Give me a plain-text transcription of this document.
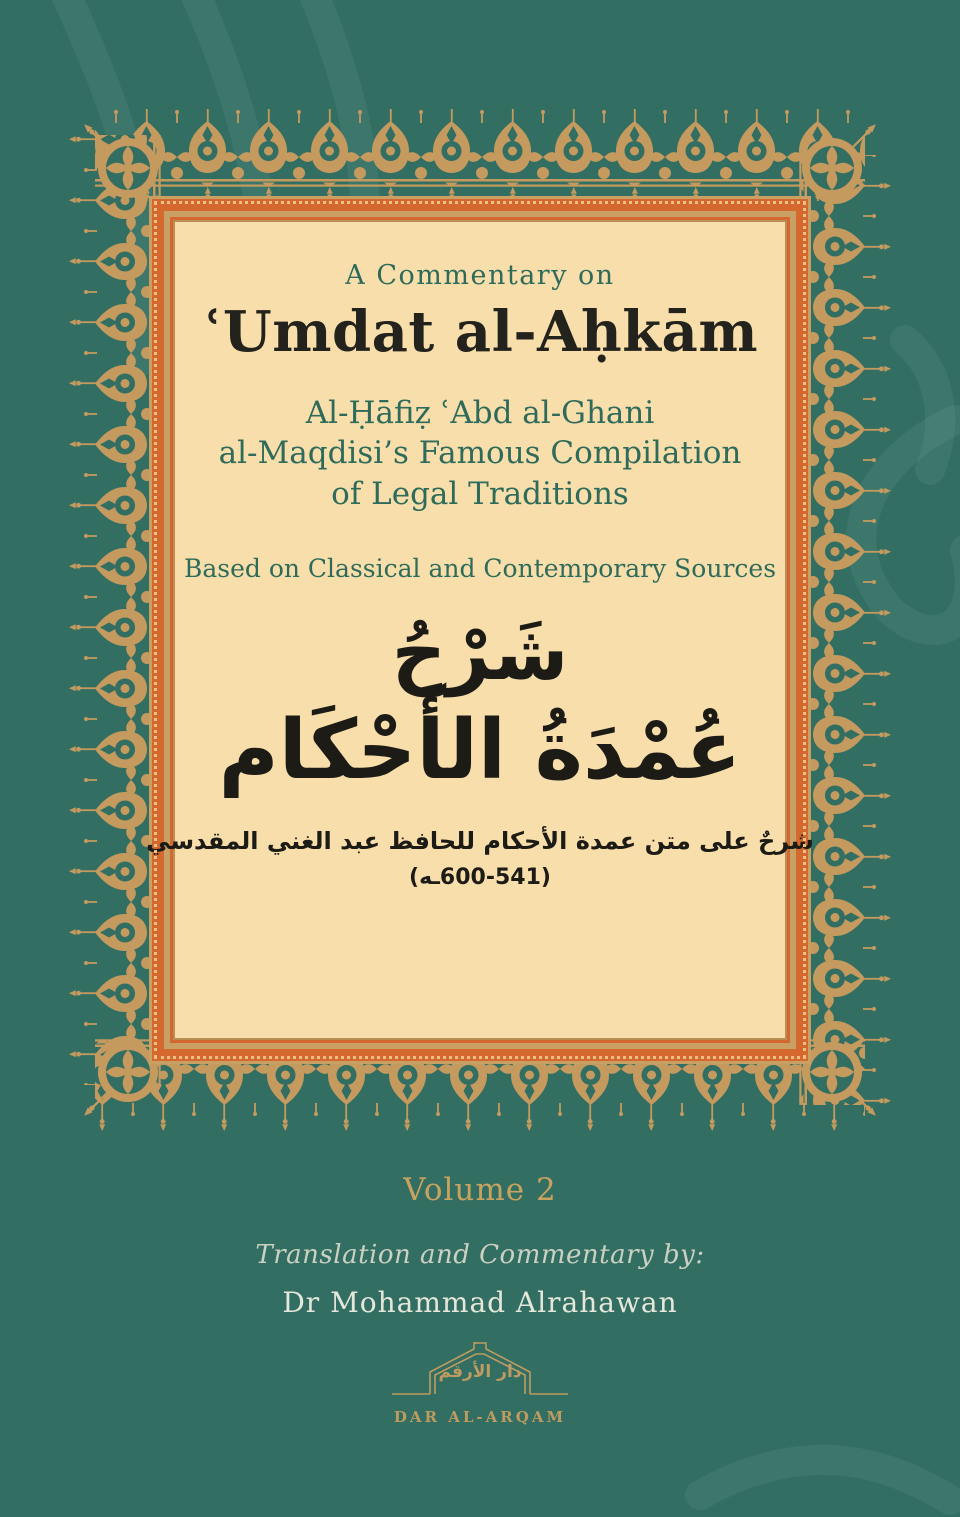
A Commentary on
ʿUmdat al-Aḥkām
Al-Ḥāfiẓ ʿAbd al-Ghani
al-Maqdisi’s Famous Compilation
of Legal Traditions
Based on Classical and Contemporary Sources
شَرْحُ
عُمْدَةُ الأَحْكَام
شرحٌ على متن عمدة الأحكام للحافظ عبد الغني المقدسي
(هـ600-541)
Volume 2
Translation and Commentary by:
Dr Mohammad Alrahawan
دار الأرقم
DAR AL-ARQAM
